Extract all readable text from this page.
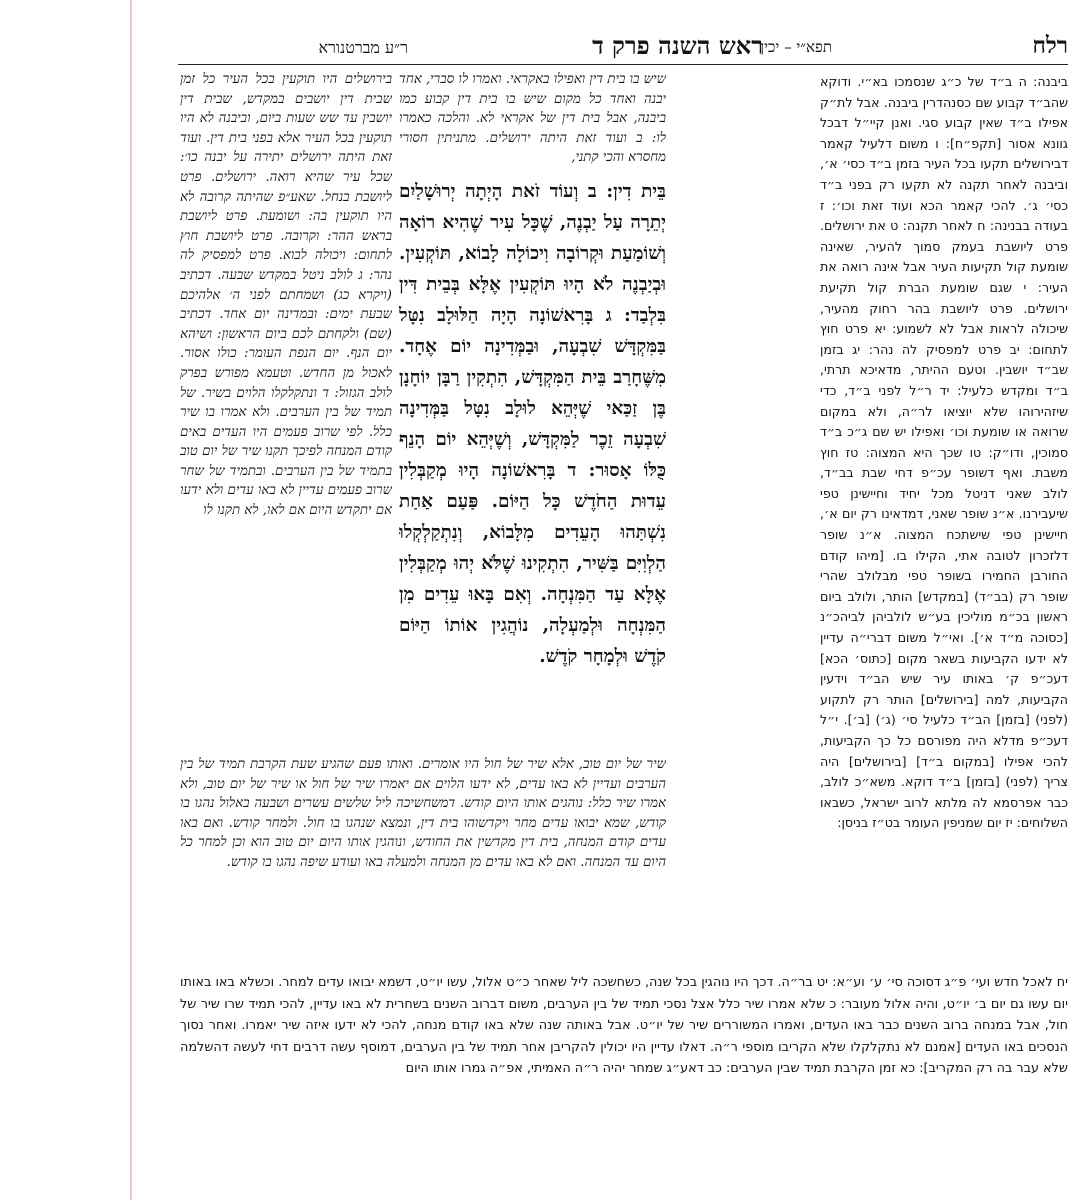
רלח
תפא״י – יכין
ראש השנה פרק ד
ר״ע מברטנורא

ביבנה: ה ב״ד של כ״ג שנסמכו בא״י. ודוקא שהב״ד קבוע שם כסנהדרין ביבנה. אבל לת״ק אפילו ב״ד שאין קבוע סגי. ואנן קיי״ל דבכל גוונא אסור [תקפ״ח]: ו משום דלעיל קאמר דבירושלים תקעו בכל העיר בזמן ב״ד כסי׳ א׳, וביבנה לאחר תקנה לא תקעו רק בפני ב״ד כסי׳ ג׳. להכי קאמר הכא ועוד זאת וכו׳: ז בעודה בבנינה: ח לאחר תקנה: ט את ירושלים. פרט ליושבת בעמק סמוך להעיר, שאינה שומעת קול תקיעות העיר אבל אינה רואה את העיר: י שגם שומעת הברת קול תקיעת ירושלים. פרט ליושבת בהר רחוק מהעיר, שיכולה לראות אבל לא לשמוע: יא פרט חוץ לתחום: יב פרט למפסיק לה נהר: יג בזמן שב״ד יושבין. וטעם ההיתר, מדאיכא תרתי, ב״ד ומקדש כלעיל: יד ר״ל לפני ב״ד, כדי שיזהירוהו שלא יוציאו לר״ה, ולא במקום שרואה או שומעת וכו׳ ואפילו יש שם ג״כ ב״ד סמוכין, ודו״ק: טו שכך היא המצוה: טז חוץ משבת. ואף דשופר עכ״פ דחי שבת בב״ד, לולב שאני דניטל מכל יחיד וחיישינן טפי שיעבירנו. א״נ שופר שאני, דמדאינו רק יום א׳, חיישינן טפי שישתכח המצוה. א״נ שופר דלזכרון לטובה אתי, הקילו בו. [מיהו קודם החורבן החמירו בשופר טפי מבלולב שהרי שופר רק (בב״ד) [במקדש] הותר, ולולב ביום ראשון בכ״מ מוליכין בע״ש לולביהן לביהכ״נ [כסוכה מ״ד א׳]. ואי״ל משום דברי״ה עדיין לא ידעו הקביעות בשאר מקום [כתוס׳ הכא] דעכ״פ ק׳ באותו עיר שיש הב״ד וידעין הקביעות, למה [בירושלים] הותר רק לתקוע (לפני) [בזמן] הב״ד כלעיל סי׳ (ג׳) [ב׳]. י״ל דעכ״פ מדלא היה מפורסם כל כך הקביעות, להכי אפילו [במקום ב״ד] [בירושלים] היה צריך (לפני) [בזמן] ב״ד דוקא. משא״כ לולב, כבר אפרסמא לה מלתא לרוב ישראל, כשבאו השלוחים: יז יום שמניפין העומר בט״ז בניסן:

שיש בו בית דין ואפילו באקראי. ואמרו לו סברי, אחד יבנה ואחד כל מקום שיש בו בית דין קבוע כמו ביבנה, אבל בית דין של אקראי לא. והלכה כאמרו לו: ב ועוד זאת היתה ירושלים. מתניתין חסורי מחסרא והכי קתני,

בֵּית דִין: ב וְעוֹד זֹאת הָיְתָה יְרוּשָׁלַיִם יְתֵרָה עַל יַבְנֶה, שֶׁכָּל עִיר שֶׁהִיא רוֹאָה וְשׁוֹמַעַת וּקְרוֹבָה וִיכוֹלָה לָבוֹא, תּוֹקְעִין. וּבְיַבְנֶה לֹא הָיוּ תּוֹקְעִין אֶלָּא בְּבֵית דִּין בִּלְבַד: ג בָּרִאשׁוֹנָה הָיָה הַלּוּלָב נִטָּל בַּמִּקְדָּשׁ שִׁבְעָה, וּבַמְּדִינָה יוֹם אֶחָד. מִשֶּׁחָרַב בֵּית הַמִּקְדָּשׁ, הִתְקִין רַבָּן יוֹחָנָן בֶּן זַכַּאי שֶׁיְּהֵא לוּלָב נִטָּל בַּמְּדִינָה שִׁבְעָה זֵכֶר לַמִּקְדָּשׁ, וְשֶׁיְּהֵא יוֹם הָנֵף כֻּלּוֹ אָסוּר: ד בָּרִאשׁוֹנָה הָיוּ מְקַבְּלִין עֵדוּת הַחֹדֶשׁ כָּל הַיּוֹם. פַּעַם אַחַת נִשְׁתַּהוּ הָעֵדִים מִלָּבוֹא, וְנִתְקַלְקְלוּ הַלְוִיִּם בַּשִּׁיר, הִתְקִינוּ שֶׁלֹּא יְהוּ מְקַבְּלִין אֶלָּא עַד הַמִּנְחָה. וְאִם בָּאוּ עֵדִים מִן הַמִּנְחָה וּלְמַעְלָה, נוֹהֲגִין אוֹתוֹ הַיּוֹם קֹדֶשׁ וּלְמָחָר קֹדֶשׁ.

בירושלים היו תוקעין בכל העיר כל זמן שבית דין יושבים במקדש, שבית דין יושבין עד שש שעות ביום, וביבנה לא היו תוקעין בכל העיר אלא בפני בית דין. ועוד זאת היתה ירושלים יתירה על יבנה כו׳: שכל עיר שהיא רואה. ירושלים. פרט ליושבת בנחל. שאע״פ שהיתה קרובה לא היו תוקעין בה: ושומעת. פרט ליושבת בראש ההר: וקרובה. פרט ליושבת חוץ לתחום: ויכולה לבוא. פרט למפסיק לה נהר: ג לולב ניטל במקדש שבעה. דכתיב (ויקרא כג) ושמחתם לפני ה׳ אלהיכם שבעת ימים: ובמדינה יום אחד. דכתיב (שם) ולקחתם לכם ביום הראשון: ושיהא יום הנף. יום הנפת העומר: כולו אסור. לאכול מן החדש. וטעמא מפורש בפרק לולב הגזול: ד ונתקלקלו הלוים בשיר. של תמיד של בין הערבים. ולא אמרו בו שיר כלל. לפי שרוב פעמים היו העדים באים קודם המנחה לפיכך תקנו שיר של יום טוב בתמיד של בין הערבים. ובתמיד של שחר שרוב פעמים עדיין לא באו עדים ולא ידעו אם יתקדש היום אם לאו, לא תקנו לו

שיר של יום טוב, אלא שיר של חול היו אומרים. ואותו פעם שהגיע שעת הקרבת תמיד של בין הערבים ועדיין לא באו עדים, לא ידעו הלוים אם יאמרו שיר של חול או שיר של יום טוב, ולא אמרו שיר כלל: נוהגים אותו היום קודש. דמשחשיכה ליל שלשים עשרים ושבעה באלול נהגו בו קודש, שמא יבואו עדים מחר ויקדשוהו בית דין, ונמצא שנהגו בו חול. ולמחר קודש. ואם באו עדים קודם המנחה, בית דין מקדשין את החודש, ונוהגין אותו היום יום טוב הוא וכן למחר כל היום עד המנחה. ואם לא באו עדים מן המנחה ולמעלה באו ועודע שיפה נהגו בו קודש.

יח לאכל חדש ועי׳ פ״ג דסוכה סי׳ ע׳ וע״א: יט בר״ה. דכך היו נוהגין בכל שנה, כשחשכה ליל שאחר כ״ט אלול, עשו יו״ט, דשמא יבואו עדים למחר. וכשלא באו באותו יום עשו גם יום ב׳ יו״ט, והיה אלול מעובר: כ שלא אמרו שיר כלל אצל נסכי תמיד של בין הערבים, משום דברוב השנים בשחרית לא באו עדיין, להכי תמיד שרו שיר של חול, אבל במנחה ברוב השנים כבר באו העדים, ואמרו המשוררים שיר של יו״ט. אבל באותה שנה שלא באו קודם מנחה, להכי לא ידעו איזה שיר יאמרו. ואחר נסוך הנסכים באו העדים [אמנם לא נתקלקלו שלא הקריבו מוספי ר״ה. דאלו עדיין היו יכולין להקריבן אחר תמיד של בין הערבים, דמוסף עשה דרבים דחי לעשה דהשלמה שלא עבר בה רק המקריב]: כא זמן הקרבת תמיד שבין הערבים: כב דאע״ג שמחר יהיה ר״ה האמיתי, אפ״ה גמרו אותו היום
